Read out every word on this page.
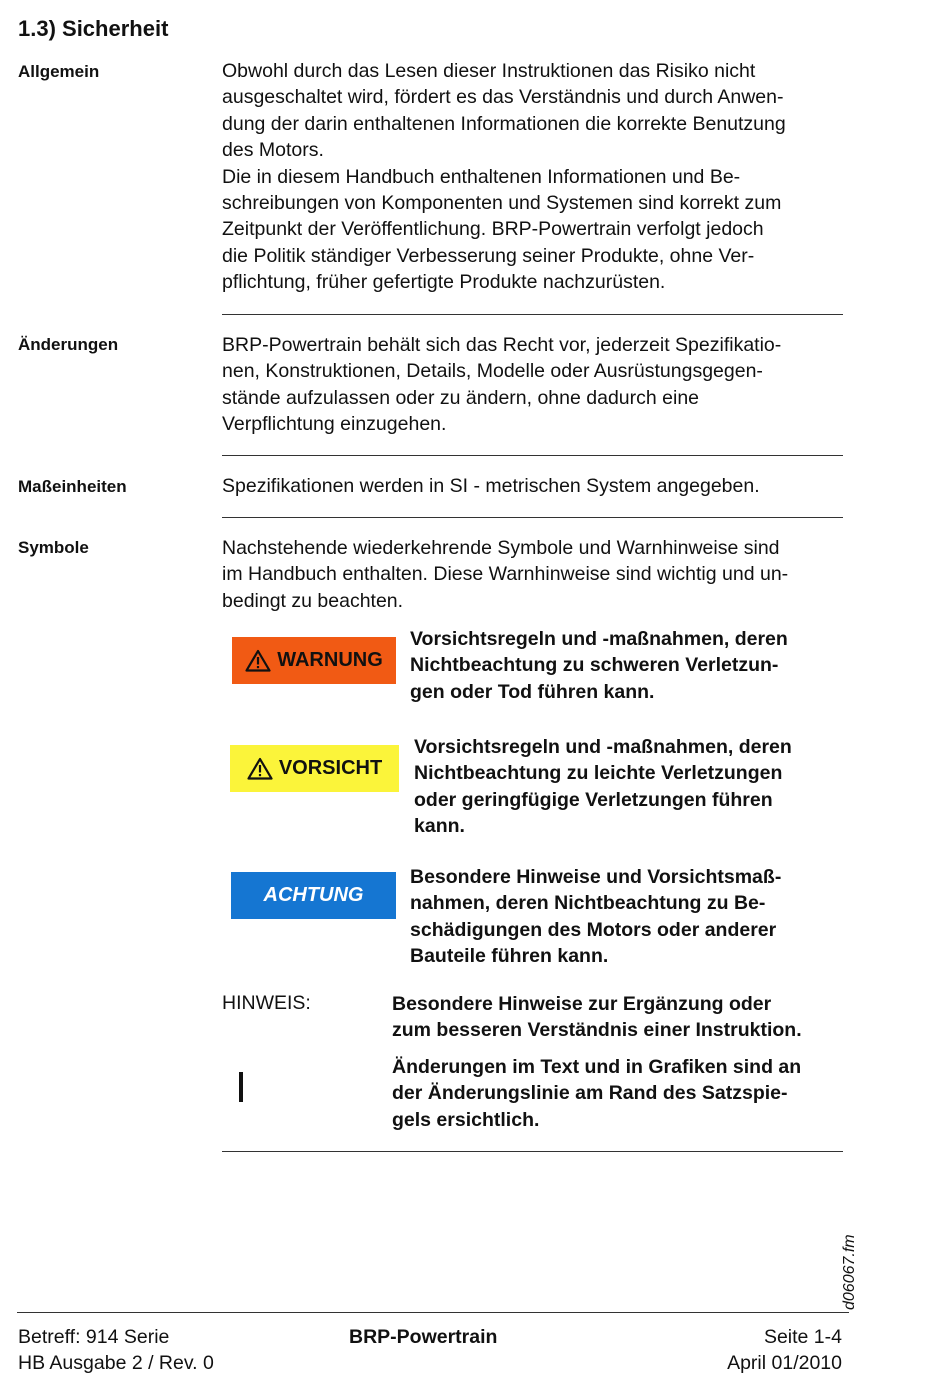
1.3) Sicherheit
Allgemein	Obwohl durch das Lesen dieser Instruktionen das Risiko nicht

ausgeschaltet wird, fördert es das Verständnis und durch Anwen-

dung der darin enthaltenen Informationen die korrekte Benutzung

des Motors.

Die in diesem Handbuch enthaltenen Informationen und Be-

schreibungen von Komponenten und Systemen sind korrekt zum

Zeitpunkt der Veröffentlichung. BRP-Powertrain verfolgt jedoch

die Politik ständiger Verbesserung seiner Produkte, ohne Ver-

pflichtung, früher gefertigte Produkte nachzurüsten.

Änderungen	BRP-Powertrain behält sich das Recht vor, jederzeit Spezifikatio-

nen, Konstruktionen, Details, Modelle oder Ausrüstungsgegen-

stände aufzulassen oder zu ändern, ohne dadurch eine

Verpflichtung einzugehen.

Maßeinheiten	Spezifikationen werden in SI - metrischen System angegeben.

Symbole	Nachstehende wiederkehrende Symbole und Warnhinweise sind

im Handbuch enthalten. Diese Warnhinweise sind wichtig und un-

bedingt zu beachten.

WARNUNG
Vorsichtsregeln und -maßnahmen, deren
Nichtbeachtung zu schweren Verletzun-
gen oder Tod führen kann.
VORSICHT
Vorsichtsregeln und -maßnahmen, deren
Nichtbeachtung zu leichte Verletzungen
oder geringfügige Verletzungen führen
kann.
ACHTUNG
Besondere Hinweise und Vorsichtsmaß-
nahmen, deren Nichtbeachtung zu Be-
schädigungen des Motors oder anderer
Bauteile führen kann.
HINWEIS:	Besondere Hinweise zur Ergänzung oder
zum besseren Verständnis einer Instruktion.
Änderungen im Text und in Grafiken sind an
der Änderungslinie am Rand des Satzspie-
gels ersichtlich.
d06067.fm
Betreff: 914 Serie
HB Ausgabe 2 / Rev. 0
BRP-Powertrain	Seite 1-4
April 01/2010
